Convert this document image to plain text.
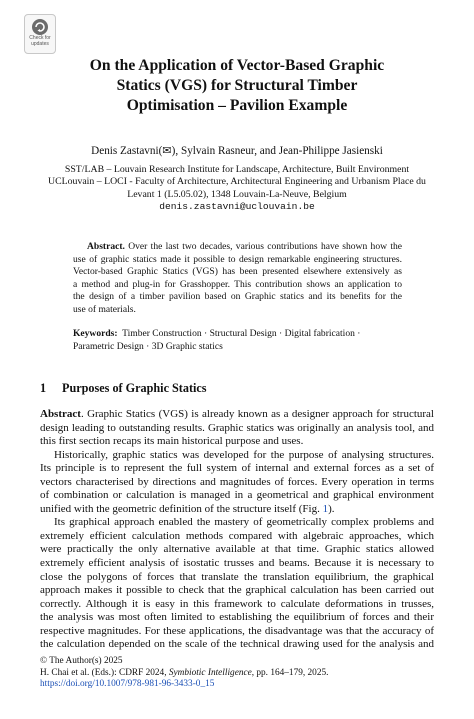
Check for
updates
On the Application of Vector-Based Graphic
Statics (VGS) for Structural Timber
Optimisation – Pavilion Example
Denis Zastavni(✉), Sylvain Rasneur, and Jean-Philippe Jasienski
SST/LAB – Louvain Research Institute for Landscape, Architecture, Built Environment
UCLouvain – LOCI - Faculty of Architecture, Architectural Engineering and Urbanism Place du
Levant 1 (L5.05.02), 1348 Louvain-La-Neuve, Belgium
denis.zastavni@uclouvain.be
Abstract. Over the last two decades, various contributions have shown how the
use of graphic statics made it possible to design remarkable engineering structures.
Vector-based Graphic Statics (VGS) has been presented elsewhere extensively as
a method and plug-in for Grasshopper. This contribution shows an application to
the design of a timber pavilion based on Graphic statics and its benefits for the
use of materials.
Keywords: Timber Construction · Structural Design · Digital fabrication ·
Parametric Design · 3D Graphic statics
1 Purposes of Graphic Statics
Abstract. Graphic Statics (VGS) is already known as a designer approach for structural
design leading to outstanding results. Graphic statics was originally an analysis tool, and
this first section recaps its main historical purpose and uses.
Historically, graphic statics was developed for the purpose of analysing structures.
Its principle is to represent the full system of internal and external forces as a set of
vectors characterised by directions and magnitudes of forces. Every operation in terms
of combination or calculation is managed in a geometrical and graphical environment
unified with the geometric definition of the structure itself (Fig. 1).
Its graphical approach enabled the mastery of geometrically complex problems and
extremely efficient calculation methods compared with algebraic approaches, which
were practically the only alternative available at that time. Graphic statics allowed
extremely efficient analysis of isostatic trusses and beams. Because it is necessary to
close the polygons of forces that translate the translation equilibrium, the graphical
approach makes it possible to check that the graphical calculation has been carried out
correctly. Although it is easy in this framework to calculate deformations in trusses,
the analysis was most often limited to establishing the equilibrium of forces and their
respective magnitudes. For these applications, the disadvantage was that the accuracy of
the calculation depended on the scale of the technical drawing used for the analysis and
© The Author(s) 2025
H. Chai et al. (Eds.): CDRF 2024, Symbiotic Intelligence, pp. 164–179, 2025.
https://doi.org/10.1007/978-981-96-3433-0_15
